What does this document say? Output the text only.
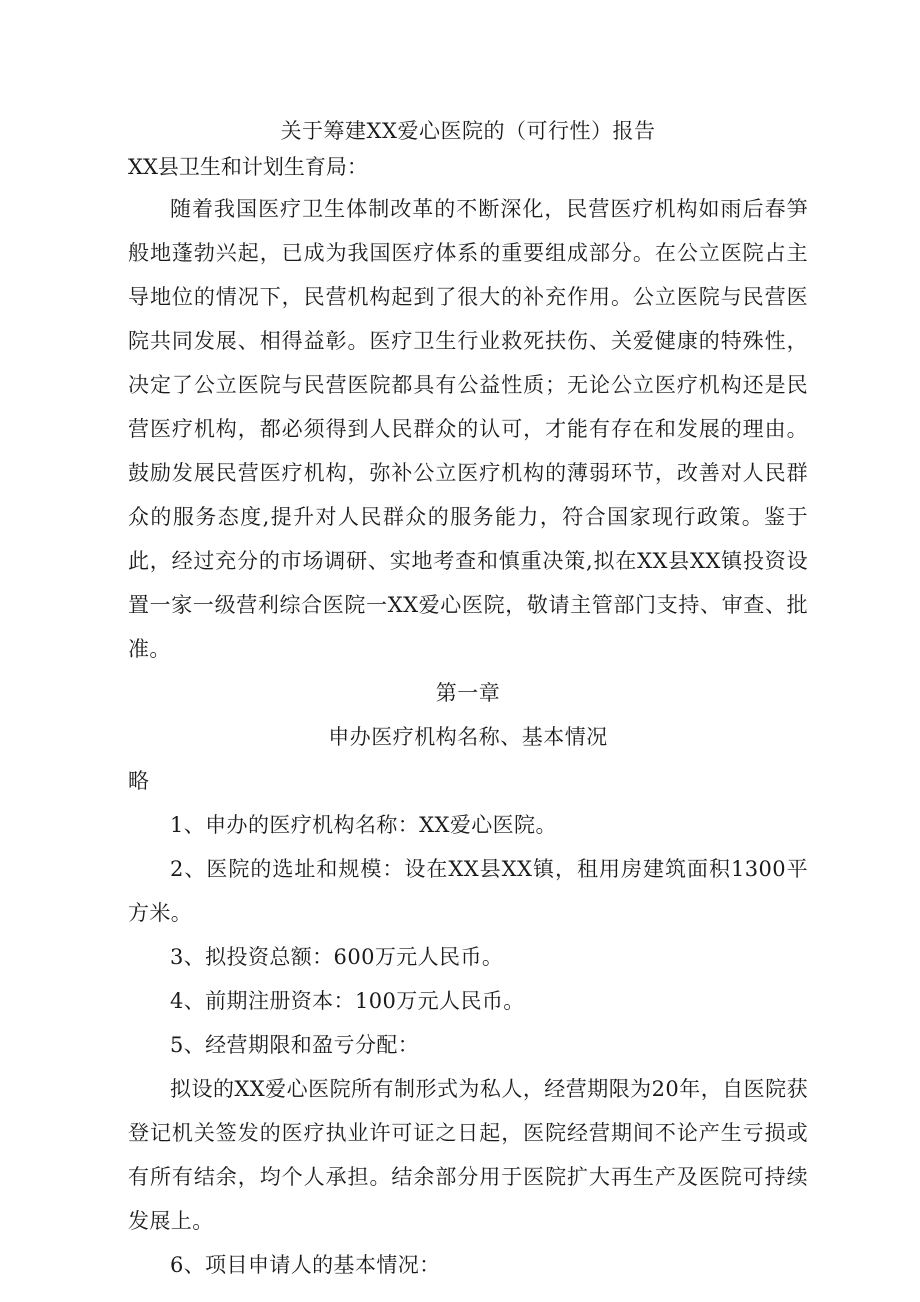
关于筹建XX爱心医院的（可行性）报告

XX县卫生和计划生育局：

随着我国医疗卫生体制改革的不断深化，民营医疗机构如雨后春笋般地蓬勃兴起，已成为我国医疗体系的重要组成部分。在公立医院占主导地位的情况下，民营机构起到了很大的补充作用。公立医院与民营医院共同发展、相得益彰。医疗卫生行业救死扶伤、关爱健康的特殊性，决定了公立医院与民营医院都具有公益性质；无论公立医疗机构还是民营医疗机构，都必须得到人民群众的认可，才能有存在和发展的理由。鼓励发展民营医疗机构，弥补公立医疗机构的薄弱环节，改善对人民群众的服务态度,提升对人民群众的服务能力，符合国家现行政策。鉴于此，经过充分的市场调研、实地考查和慎重决策,拟在XX县XX镇投资设置一家一级营利综合医院一XX爱心医院，敬请主管部门支持、审查、批准。

第一章

申办医疗机构名称、基本情况

略

1、申办的医疗机构名称：XX爱心医院。

2、医院的选址和规模：设在XX县XX镇，租用房建筑面积1300平方米。

3、拟投资总额：600万元人民币。

4、前期注册资本：100万元人民币。

5、经营期限和盈亏分配：

拟设的XX爱心医院所有制形式为私人，经营期限为20年，自医院获登记机关签发的医疗执业许可证之日起，医院经营期间不论产生亏损或有所有结余，均个人承担。结余部分用于医院扩大再生产及医院可持续发展上。

6、项目申请人的基本情况：
